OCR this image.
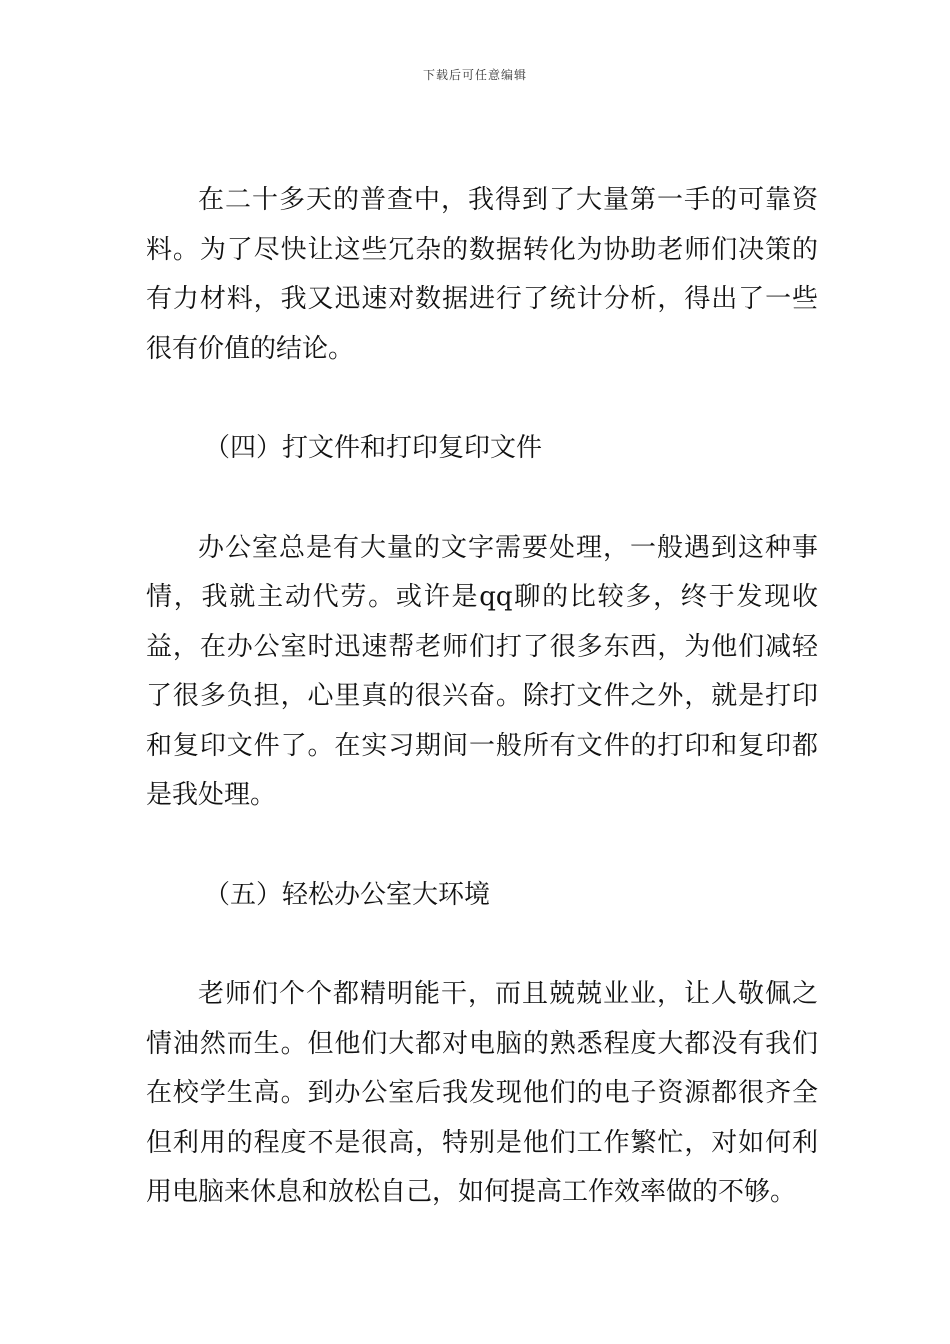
下载后可任意编辑

在二十多天的普查中，我得到了大量第一手的可靠资料。为了尽快让这些冗杂的数据转化为协助老师们决策的有力材料，我又迅速对数据进行了统计分析，得出了一些很有价值的结论。

（四）打文件和打印复印文件

办公室总是有大量的文字需要处理，一般遇到这种事情，我就主动代劳。或许是qq聊的比较多，终于发现收益，在办公室时迅速帮老师们打了很多东西，为他们减轻了很多负担，心里真的很兴奋。除打文件之外，就是打印和复印文件了。在实习期间一般所有文件的打印和复印都是我处理。

（五）轻松办公室大环境

老师们个个都精明能干，而且兢兢业业，让人敬佩之情油然而生。但他们大都对电脑的熟悉程度大都没有我们在校学生高。到办公室后我发现他们的电子资源都很齐全但利用的程度不是很高，特别是他们工作繁忙，对如何利用电脑来休息和放松自己，如何提高工作效率做的不够。
